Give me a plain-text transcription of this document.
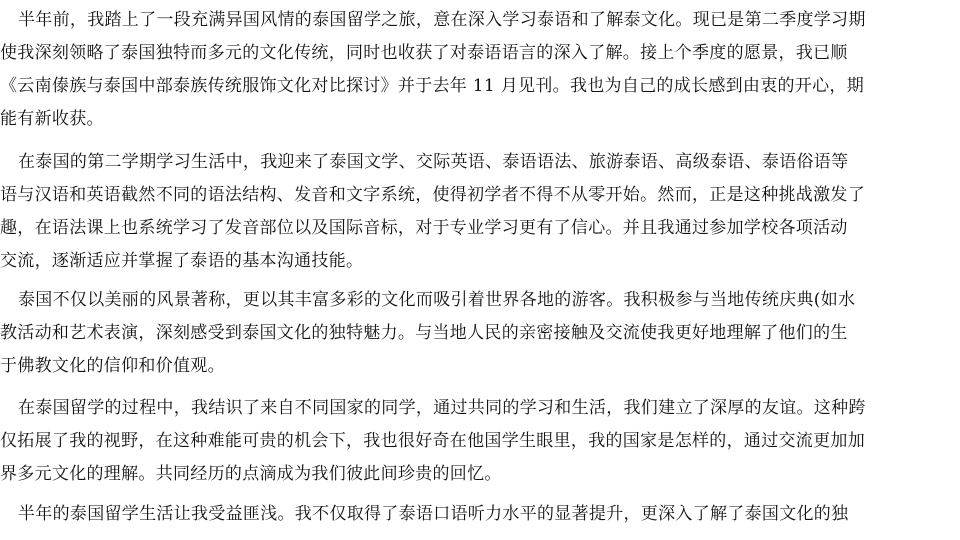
半年前，我踏上了一段充满异国风情的泰国留学之旅，意在深入学习泰语和了解泰文化。现已是第二季度学习期
使我深刻领略了泰国独特而多元的文化传统，同时也收获了对泰语语言的深入了解。接上个季度的愿景，我已顺
《云南傣族与泰国中部泰族传统服饰文化对比探讨》并于去年 11 月见刊。我也为自己的成长感到由衷的开心，期
能有新收获。
在泰国的第二学期学习生活中，我迎来了泰国文学、交际英语、泰语语法、旅游泰语、高级泰语、泰语俗语等
语与汉语和英语截然不同的语法结构、发音和文字系统，使得初学者不得不从零开始。然而，正是这种挑战激发了
趣，在语法课上也系统学习了发音部位以及国际音标，对于专业学习更有了信心。并且我通过参加学校各项活动
交流，逐渐适应并掌握了泰语的基本沟通技能。
泰国不仅以美丽的风景著称，更以其丰富多彩的文化而吸引着世界各地的游客。我积极参与当地传统庆典(如水
教活动和艺术表演，深刻感受到泰国文化的独特魅力。与当地人民的亲密接触及交流使我更好地理解了他们的生
于佛教文化的信仰和价值观。
在泰国留学的过程中，我结识了来自不同国家的同学，通过共同的学习和生活，我们建立了深厚的友谊。这种跨
仅拓展了我的视野，在这种难能可贵的机会下，我也很好奇在他国学生眼里，我的国家是怎样的，通过交流更加加
界多元文化的理解。共同经历的点滴成为我们彼此间珍贵的回忆。
半年的泰国留学生活让我受益匪浅。我不仅取得了泰语口语听力水平的显著提升，更深入了解了泰国文化的独
